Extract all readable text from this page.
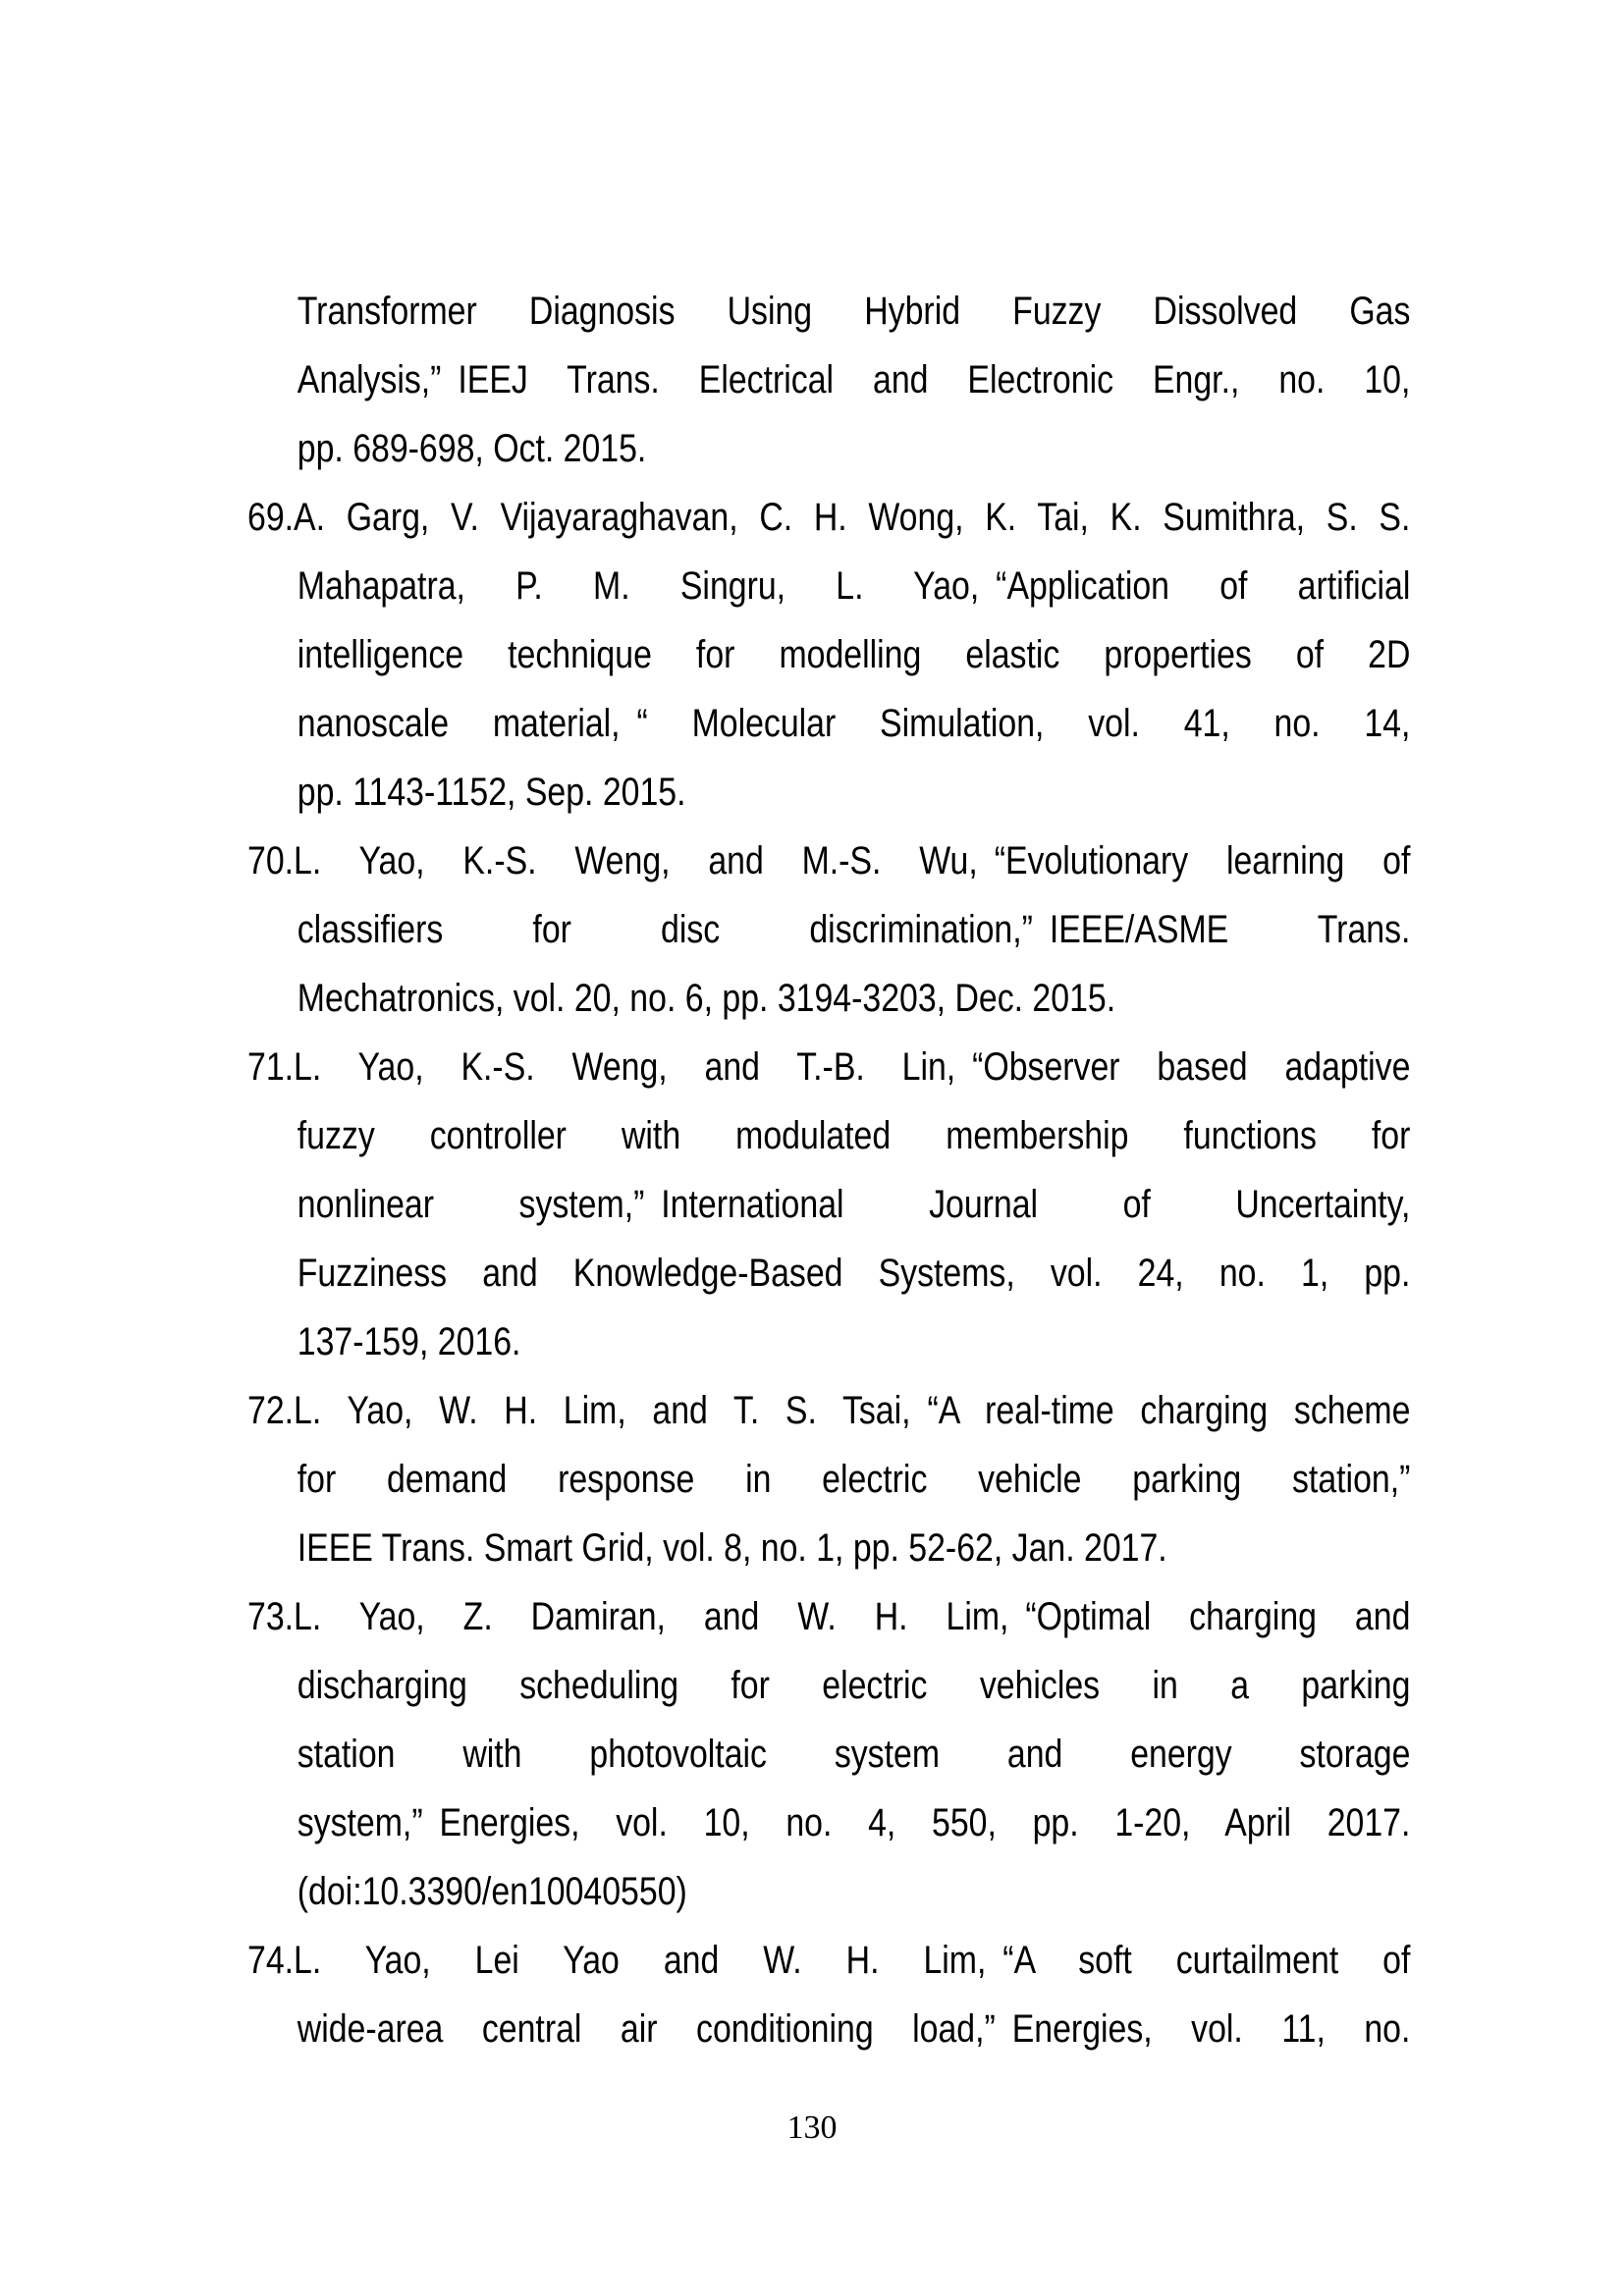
Transformer Diagnosis Using Hybrid Fuzzy Dissolved Gas
Analysis,” IEEJ Trans. Electrical and Electronic Engr., no. 10,
pp. 689-698, Oct. 2015.
69.A. Garg, V. Vijayaraghavan, C. H. Wong, K. Tai, K. Sumithra, S. S.
Mahapatra, P. M. Singru, L. Yao, “Application of artificial
intelligence technique for modelling elastic properties of 2D
nanoscale material, “ Molecular Simulation, vol. 41, no. 14,
pp. 1143-1152, Sep. 2015.
70.L. Yao, K.-S. Weng, and M.-S. Wu, “Evolutionary learning of
classifiers for disc discrimination,” IEEE/ASME Trans.
Mechatronics, vol. 20, no. 6, pp. 3194-3203, Dec. 2015.
71.L. Yao, K.-S. Weng, and T.-B. Lin, “Observer based adaptive
fuzzy controller with modulated membership functions for
nonlinear system,” International Journal of Uncertainty,
Fuzziness and Knowledge-Based Systems, vol. 24, no. 1, pp.
137-159, 2016.
72.L. Yao, W. H. Lim, and T. S. Tsai, “A real-time charging scheme
for demand response in electric vehicle parking station,”
IEEE Trans. Smart Grid, vol. 8, no. 1, pp. 52-62, Jan. 2017.
73.L. Yao, Z. Damiran, and W. H. Lim, “Optimal charging and
discharging scheduling for electric vehicles in a parking
station with photovoltaic system and energy storage
system,” Energies, vol. 10, no. 4, 550, pp. 1-20, April 2017.
(doi:10.3390/en10040550)
74.L. Yao, Lei Yao and W. H. Lim, “A soft curtailment of
wide-area central air conditioning load,” Energies, vol. 11, no.
130
